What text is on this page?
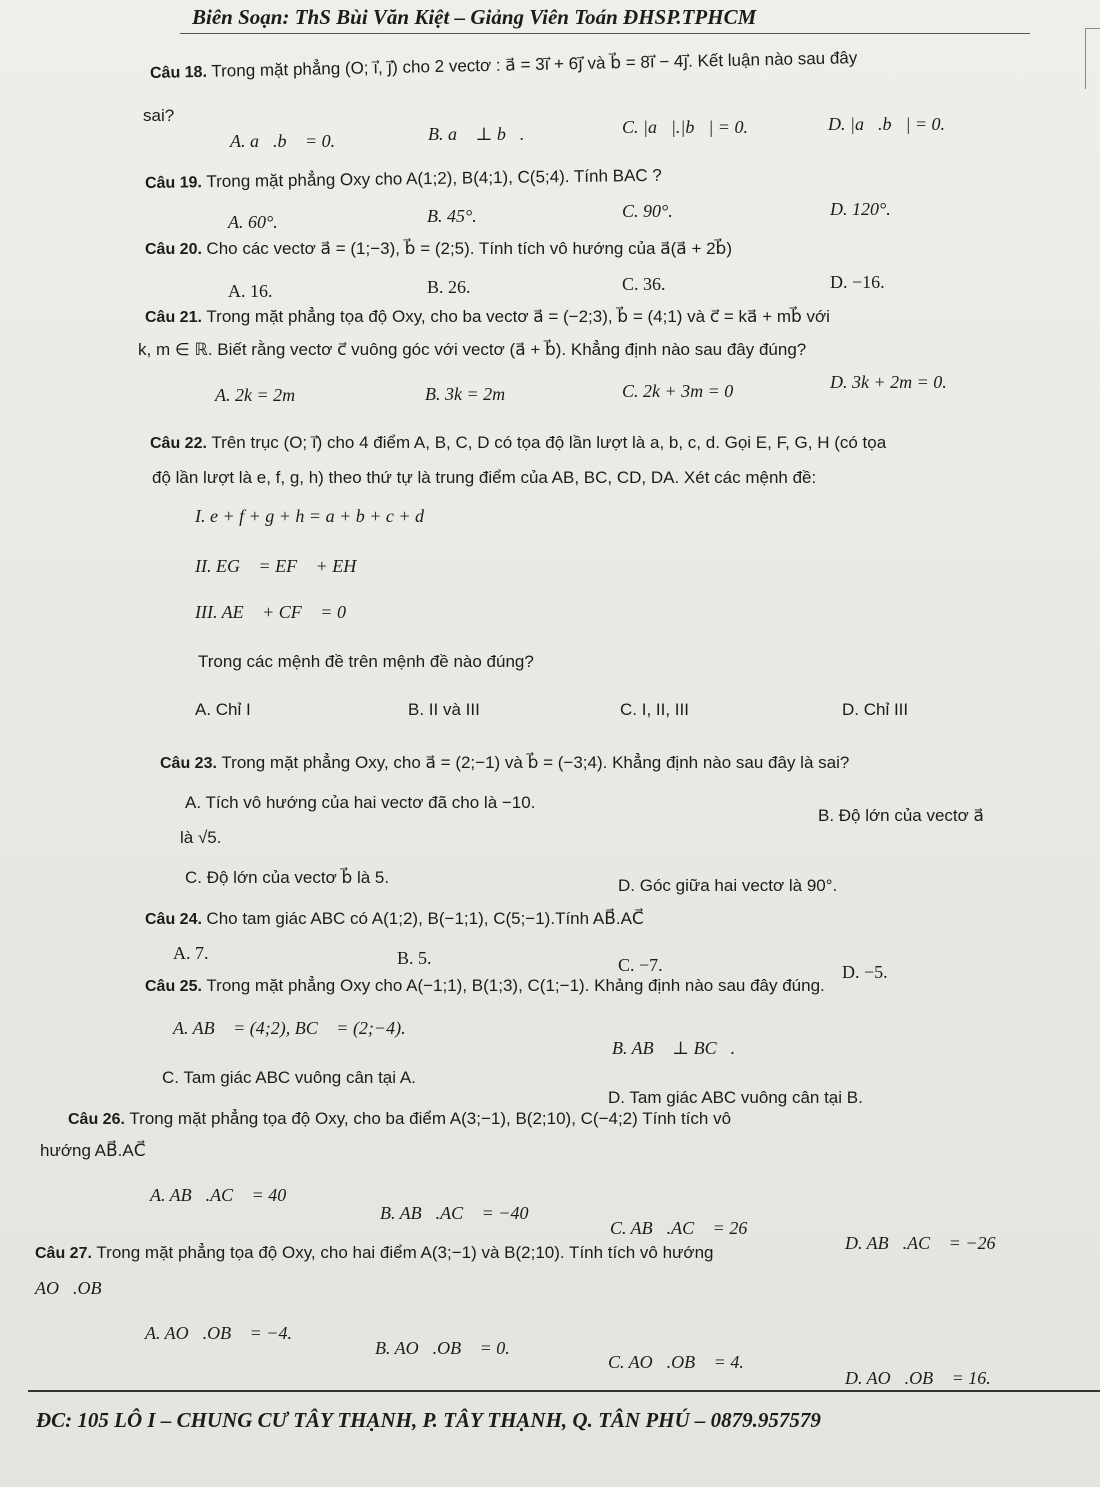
Biên Soạn: ThS Bùi Văn Kiệt – Giảng Viên Toán ĐHSP.TPHCM
Câu 18. Trong mặt phẳng (O; i⃗, j⃗) cho 2 vectơ : a⃗ = 3i⃗ + 6j⃗ và b⃗ = 8i⃗ − 4j⃗. Kết luận nào sau đây
sai?
A. a⃗.b⃗ = 0.	B. a⃗ ⊥ b⃗.	C. |a⃗|.|b⃗| = 0.	D. |a⃗.b⃗| = 0.
Câu 19. Trong mặt phẳng Oxy cho A(1;2), B(4;1), C(5;4). Tính BAC ?
A. 60°.	B. 45°.	C. 90°.	D. 120°.
Câu 20. Cho các vectơ a⃗ = (1;−3), b⃗ = (2;5). Tính tích vô hướng của a⃗(a⃗ + 2b⃗)
A. 16.	B. 26.	C. 36.	D. −16.
Câu 21. Trong mặt phẳng tọa độ Oxy, cho ba vectơ a⃗ = (−2;3), b⃗ = (4;1) và c⃗ = ka⃗ + mb⃗ với
k, m ∈ ℝ. Biết rằng vectơ c⃗ vuông góc với vectơ (a⃗ + b⃗). Khẳng định nào sau đây đúng?
A. 2k = 2m	B. 3k = 2m	C. 2k + 3m = 0	D. 3k + 2m = 0.
Câu 22. Trên trục (O; i⃗) cho 4 điểm A, B, C, D có tọa độ lần lượt là a, b, c, d. Gọi E, F, G, H (có tọa
độ lần lượt là e, f, g, h) theo thứ tự là trung điểm của AB, BC, CD, DA. Xét các mệnh đề:
I. e + f + g + h = a + b + c + d
II. EG⃗ = EF⃗ + EH⃗
III. AE⃗ + CF⃗ = 0⃗
Trong các mệnh đề trên mệnh đề nào đúng?
A. Chỉ I	B. II và III	C. I, II, III	D. Chỉ III
Câu 23. Trong mặt phẳng Oxy, cho a⃗ = (2;−1) và b⃗ = (−3;4). Khẳng định nào sau đây là sai?
A. Tích vô hướng của hai vectơ đã cho là −10.
B. Độ lớn của vectơ a⃗
là √5.
C. Độ lớn của vectơ b⃗ là 5.	D. Góc giữa hai vectơ là 90°.
Câu 24. Cho tam giác ABC có A(1;2), B(−1;1), C(5;−1).Tính AB⃗.AC⃗
A. 7.	B. 5.	C. −7.	D. −5.
Câu 25. Trong mặt phẳng Oxy cho A(−1;1), B(1;3), C(1;−1). Khảng định nào sau đây đúng.
A. AB⃗ = (4;2), BC⃗ = (2;−4).
B. AB⃗ ⊥ BC⃗.
C. Tam giác ABC vuông cân tại A.
D. Tam giác ABC vuông cân tại B.
Câu 26. Trong mặt phẳng tọa độ Oxy, cho ba điểm A(3;−1), B(2;10), C(−4;2) Tính tích vô
hướng AB⃗.AC⃗
A. AB⃗.AC⃗ = 40
B. AB⃗.AC⃗ = −40
C. AB⃗.AC⃗ = 26
D. AB⃗.AC⃗ = −26
Câu 27. Trong mặt phẳng tọa độ Oxy, cho hai điểm A(3;−1) và B(2;10). Tính tích vô hướng
AO⃗.OB⃗
A. AO⃗.OB⃗ = −4.
B. AO⃗.OB⃗ = 0.
C. AO⃗.OB⃗ = 4.
D. AO⃗.OB⃗ = 16.
ĐC: 105 LÔ I – CHUNG CƯ TÂY THẠNH, P. TÂY THẠNH, Q. TÂN PHÚ – 0879.957579
